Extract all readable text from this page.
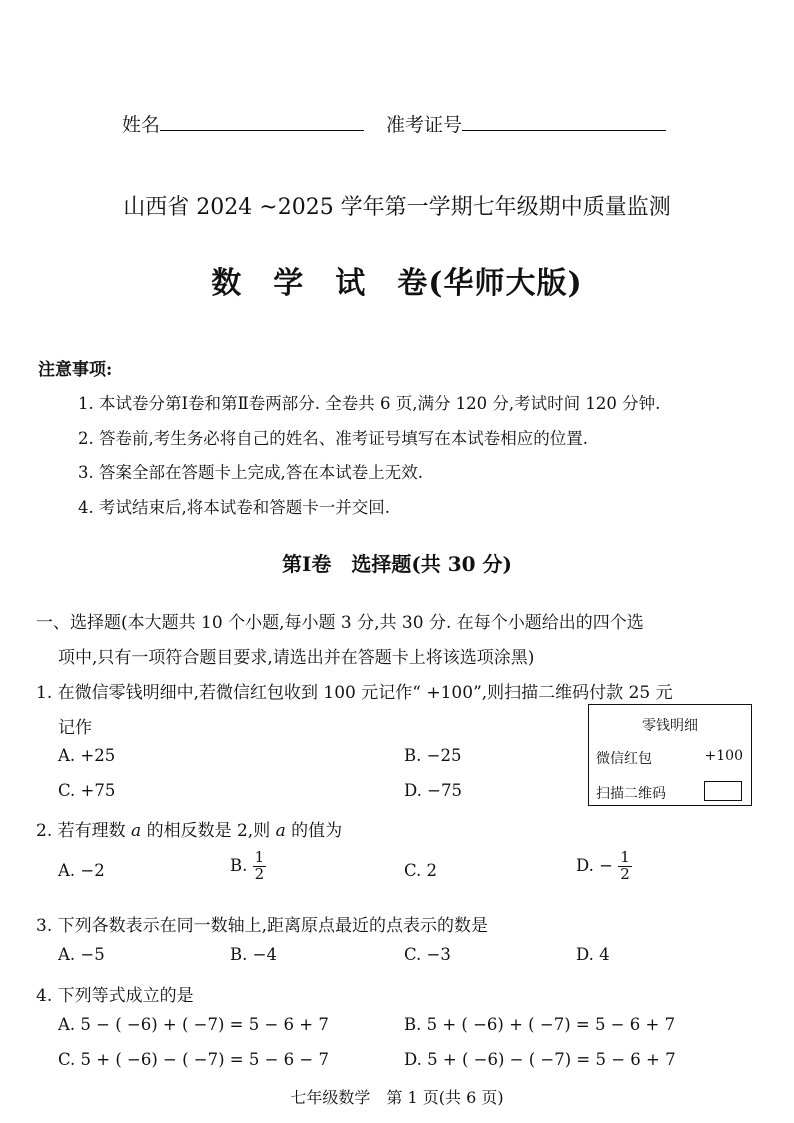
姓名	准考证号
山西省 2024 ~2025 学年第一学期七年级期中质量监测
数　学　试　卷(华师大版)
注意事项:
1. 本试卷分第Ⅰ卷和第Ⅱ卷两部分. 全卷共 6 页,满分 120 分,考试时间 120 分钟.
2. 答卷前,考生务必将自己的姓名、准考证号填写在本试卷相应的位置.
3. 答案全部在答题卡上完成,答在本试卷上无效.
4. 考试结束后,将本试卷和答题卡一并交回.
第Ⅰ卷　选择题(共 30 分)
一、选择题(本大题共 10 个小题,每小题 3 分,共 30 分. 在每个小题给出的四个选
项中,只有一项符合题目要求,请选出并在答题卡上将该选项涂黑)
1. 在微信零钱明细中,若微信红包收到 100 元记作“ +100”,则扫描二维码付款 25 元
记作
A. +25	B. −25
C. +75	D. −75
零钱明细
微信红包	+100
扫描二维码
2. 若有理数 a 的相反数是 2,则 a 的值为
A. −2	B. $\frac{1}{2}$	C. 2	D. − $\frac{1}{2}$
3. 下列各数表示在同一数轴上,距离原点最近的点表示的数是
A. −5	B. −4	C. −3	D. 4
4. 下列等式成立的是
A. 5 − ( −6) + ( −7) = 5 − 6 + 7	B. 5 + ( −6) + ( −7) = 5 − 6 + 7
C. 5 + ( −6) − ( −7) = 5 − 6 − 7	D. 5 + ( −6) − ( −7) = 5 − 6 + 7
七年级数学　第 1 页(共 6 页)
